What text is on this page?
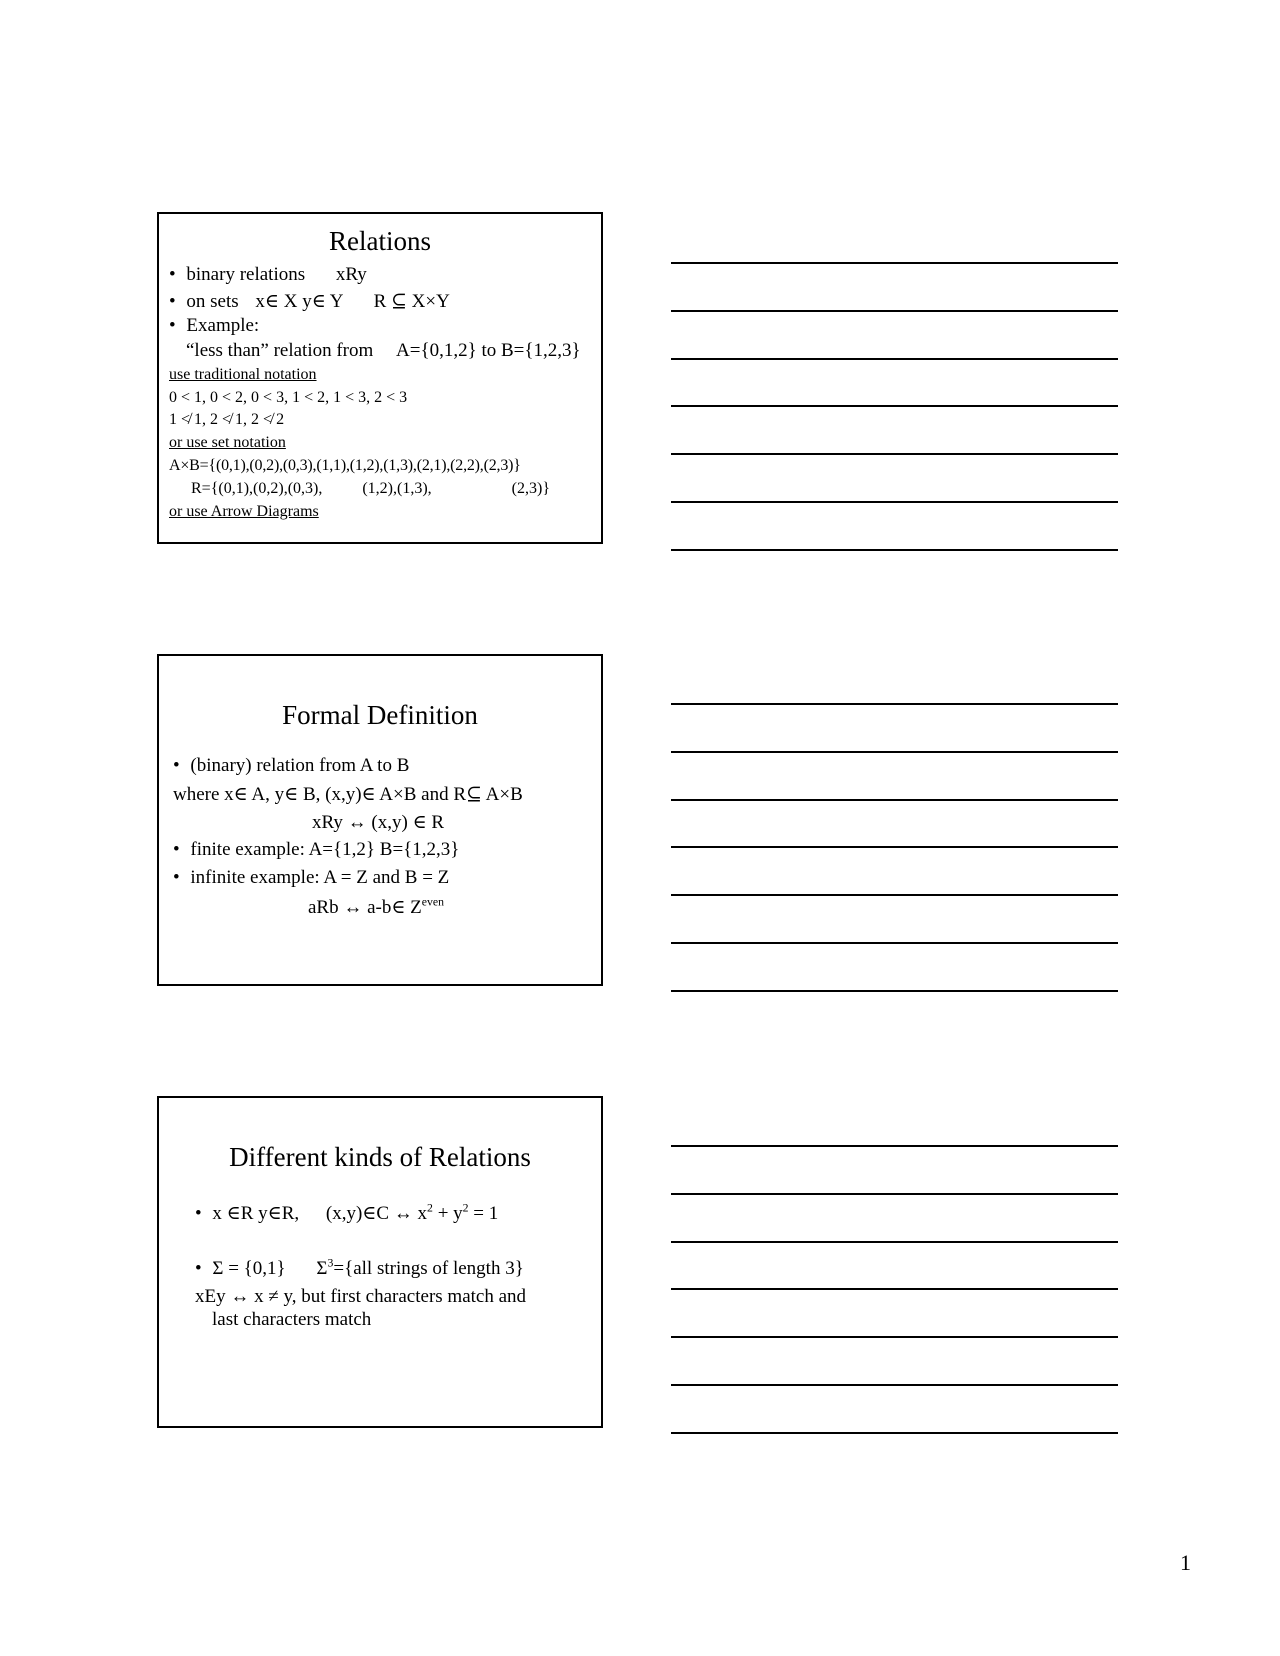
Relations
• binary relations xRy
• on sets x∈ X y∈ Y R ⊆ X×Y
• Example:
“less than” relation from A={0,1,2} to B={1,2,3}
use traditional notation
0 < 1, 0 < 2, 0 < 3, 1 < 2, 1 < 3, 2 < 3
1 ≮ 1, 2 ≮ 1, 2 ≮ 2
or use set notation
A×B={(0,1),(0,2),(0,3),(1,1),(1,2),(1,3),(2,1),(2,2),(2,3)}
R={(0,1),(0,2),(0,3),	(1,2),(1,3),	(2,3)}
or use Arrow Diagrams
Formal Definition
• (binary) relation from A to B
where x∈ A, y∈ B, (x,y)∈ A×B and R⊆ A×B
xRy ↔ (x,y) ∈ R
• finite example: A={1,2} B={1,2,3}
• infinite example: A = Z and B = Z
aRb ↔ a-b∈ $Z^{even}$
Different kinds of Relations
• x ∈R y∈R, (x,y)∈C ↔ $x^2 + y^2 = 1$
• Σ = {0,1} $\Sigma^3=\{all$ strings of length 3}
xEy ↔ x ≠ y, but first characters match and
last characters match
1
